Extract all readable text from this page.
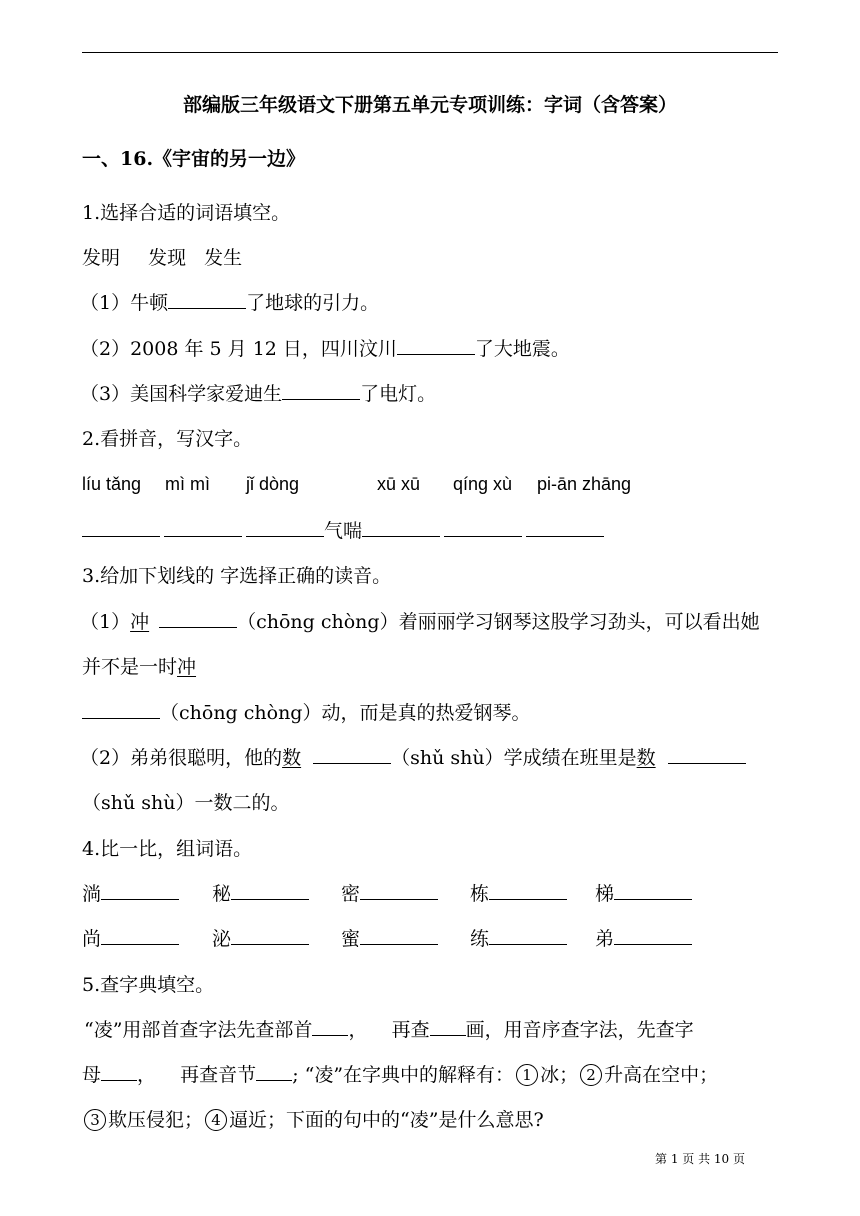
部编版三年级语文下册第五单元专项训练：字词（含答案）
一、16.《宇宙的另一边》
1.选择合适的词语填空。
发明 发现 发生
（1）牛顿	了地球的引力。
（2）2008 年 5 月 12 日，四川汶川	了大地震。
（3）美国科学家爱迪生	了电灯。
2.看拼音，写汉字。
líu tǎng mì mì jǐ dòng	xū xū qíng xù pi-ān zhāng
气喘
3.给加下划线的 字选择正确的读音。
（1）冲	（chōng chòng）着丽丽学习钢琴这股学习劲头，可以看出她
并不是一时冲
（chōng chòng）动，而是真的热爱钢琴。
（2）弟弟很聪明，他的数	（shǔ shù）学成绩在班里是数
（shǔ shù）一数二的。
4.比一比，组词语。
淌	秘	密	栋	梯
尚	泌	蜜	练	弟
5.查字典填空。
“凌”用部首查字法先查部首 ，    再查 画，用音序查字法，先查字
母 ，    再查音节 ; “凌”在字典中的解释有： 1 冰； 2 升高在空中；
3 欺压侵犯； 4 逼近；下面的句中的“凌”是什么意思?
第 1 页 共 10 页
